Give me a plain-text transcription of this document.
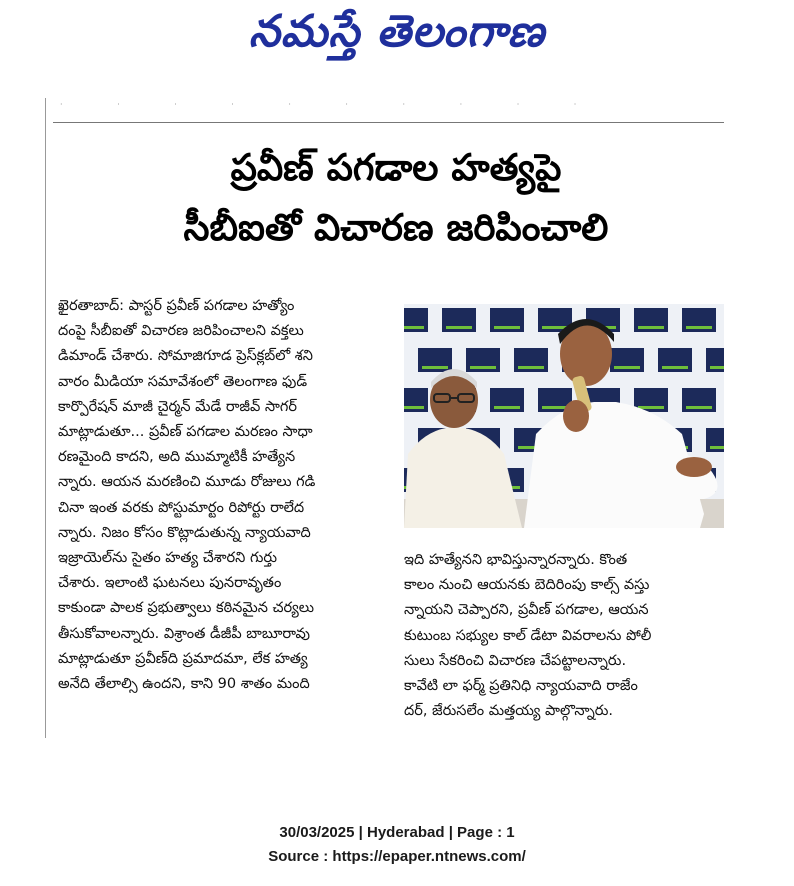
నమస్తే తెలంగాణ
· · · · · · · · · ·
ప్రవీణ్ పగడాల హత్యపై
సీబీఐతో విచారణ జరిపించాలి
ఖైరతాబాద్: పాస్టర్ ప్రవీణ్ పగడాల హత్యోం
దంపై సీబీఐతో విచారణ జరిపించాలని వక్తలు
డిమాండ్ చేశారు. సోమాజిగూడ ప్రెస్‌క్లబ్‌లో శని
వారం మీడియా సమావేశంలో తెలంగాణ ఫుడ్
కార్పొరేషన్ మాజీ చైర్మన్ మేడే రాజీవ్ సాగర్
మాట్లాడుతూ... ప్రవీణ్ పగడాల మరణం సాధా
రణమైంది కాదని, అది ముమ్మాటికీ హత్యేన
న్నారు. ఆయన మరణించి మూడు రోజులు గడి
చినా ఇంత వరకు పోస్టుమార్టం రిపోర్టు రాలేద
న్నారు. నిజం కోసం కొట్లాడుతున్న న్యాయవాది
ఇజ్రాయెల్‌ను సైతం హత్య చేశారని గుర్తు
చేశారు. ఇలాంటి ఘటనలు పునరావృతం
కాకుండా పాలక ప్రభుత్వాలు కఠినమైన చర్యలు
తీసుకోవాలన్నారు. విశ్రాంత డీజీపీ బాబూరావు
మాట్లాడుతూ ప్రవీణ్‌ది ప్రమాదమా, లేక హత్య
అనేది తేలాల్సి ఉందని, కాని 90 శాతం మంది
ఇది హత్యేనని భావిస్తున్నారన్నారు. కొంత
కాలం నుంచి ఆయనకు బెదిరింపు కాల్స్ వస్తు
న్నాయని చెప్పారని, ప్రవీణ్ పగడాల, ఆయన
కుటుంబ సభ్యుల కాల్ డేటా వివరాలను పోలీ
సులు సేకరించి విచారణ చేపట్టాలన్నారు.
కావేటి లా ఫర్మ్ ప్రతినిధి న్యాయవాది రాజేం
దర్, జేరుసలేం మత్తయ్య పాల్గొన్నారు.
30/03/2025 | Hyderabad | Page : 1
Source : https://epaper.ntnews.com/
